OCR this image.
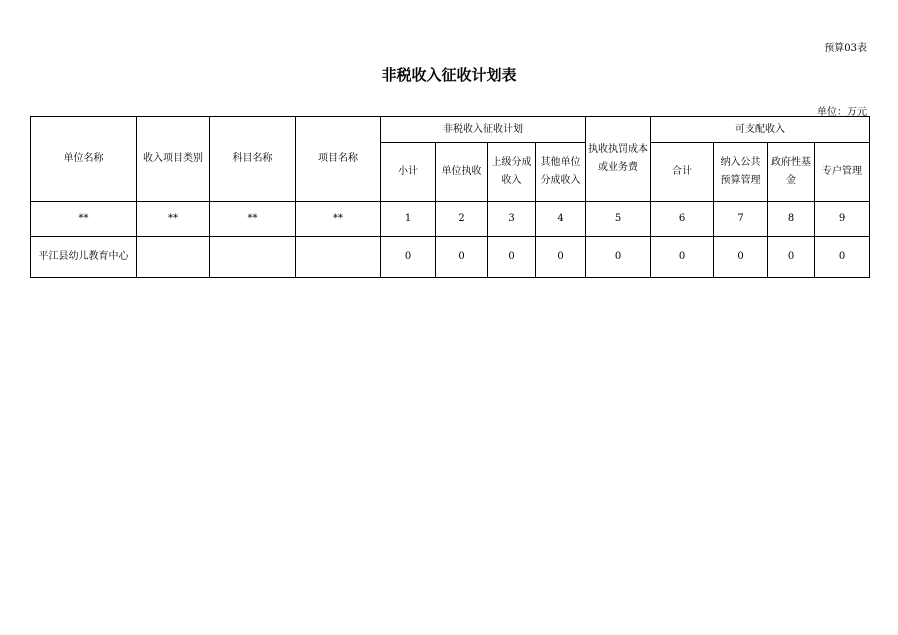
预算03表
非税收入征收计划表
单位：万元
单位名称	收入项目类别	科目名称	项目名称	非税收入征收计划				执收执罚成本或业务费	可支配收入			
				小计	单位执收	上级分成收入	其他单位分成收入		合计	纳入公共预算管理	政府性基金	专户管理
**	**	**	**	1	2	3	4	5	6	7	8	9
平江县幼儿教育中心				0	0	0	0	0	0	0	0	0
